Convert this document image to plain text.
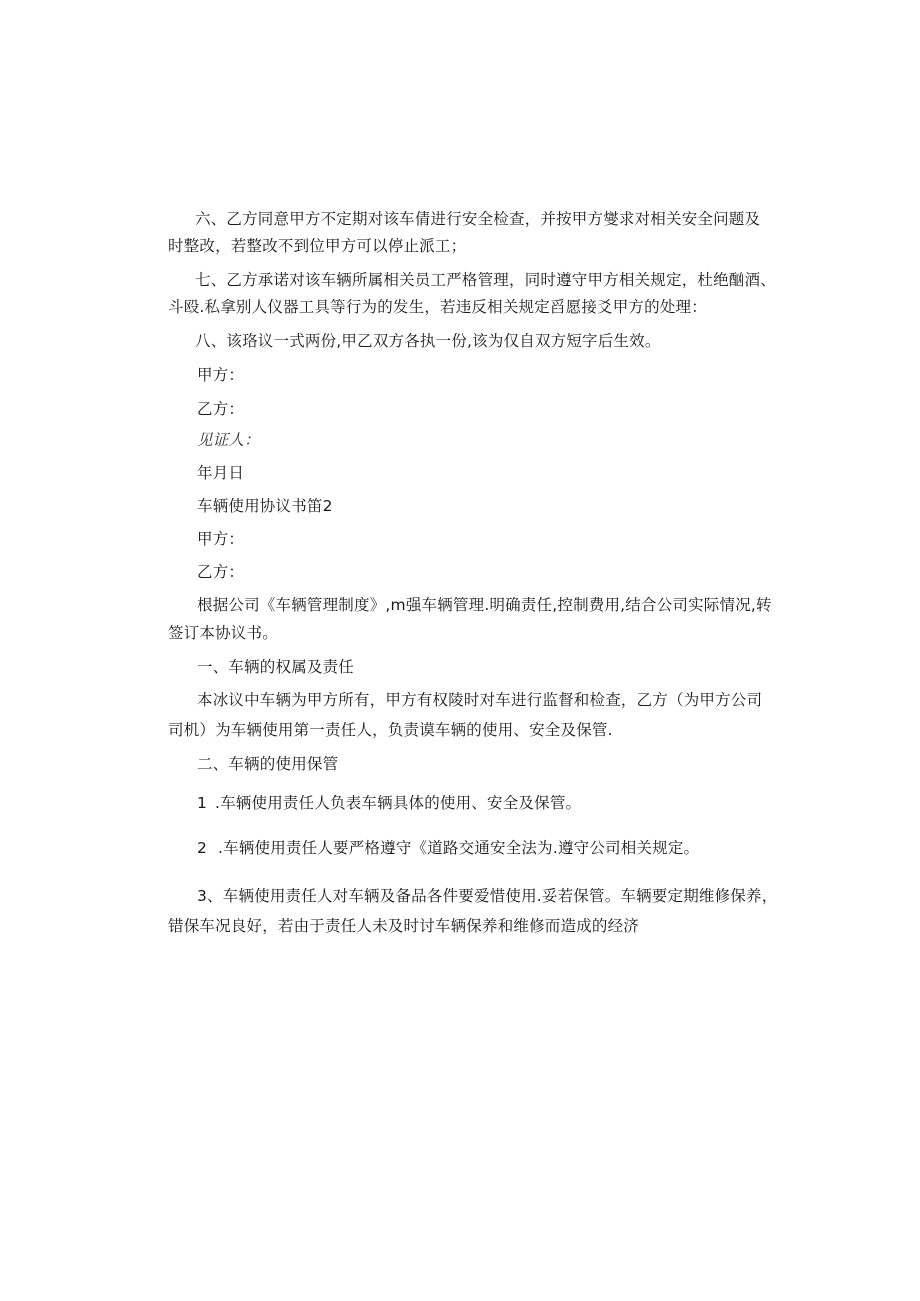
六、乙方同意甲方不定期对该车倩进行安全检查，并按甲方燮求对相关安全问题及
时整改，若整改不到位甲方可以停止派工；
七、乙方承诺对该车辆所属相关员工严格管理，同时遵守甲方相关规定，杜绝酗酒、
斗殴.私拿别人仪器工具等行为的发生，若违反相关规定舀愿接爻甲方的处理：
八、该珞议一式两份,甲乙双方各执一份,该为仅自双方短字后生效。
甲方：
乙方：
见证人：
年月日
车辆使用协议书笛2
甲方：
乙方：
根据公司《车辆管理制度》,m强车辆管理.明确责任,控制费用,结合公司实际情况,转
签订本协议书。
一、车辆的权属及责任
本冰议中车辆为甲方所有，甲方有权陵时对车进行监督和检查，乙方（为甲方公司
司机）为车辆使用第一责任人，负责谟车辆的使用、安全及保管.
二、车辆的使用保管
1 .车辆使用责任人负表车辆具体的使用、安全及保管。
2 .车辆使用责任人要严格遵守《道路交通安全法为.遵守公司相关规定。
3、车辆使用责任人对车辆及备品各件要爱惜使用.妥若保管。车辆要定期维修保养，
错保车况良好，若由于责任人未及时讨车辆保养和维修而造成的经济
